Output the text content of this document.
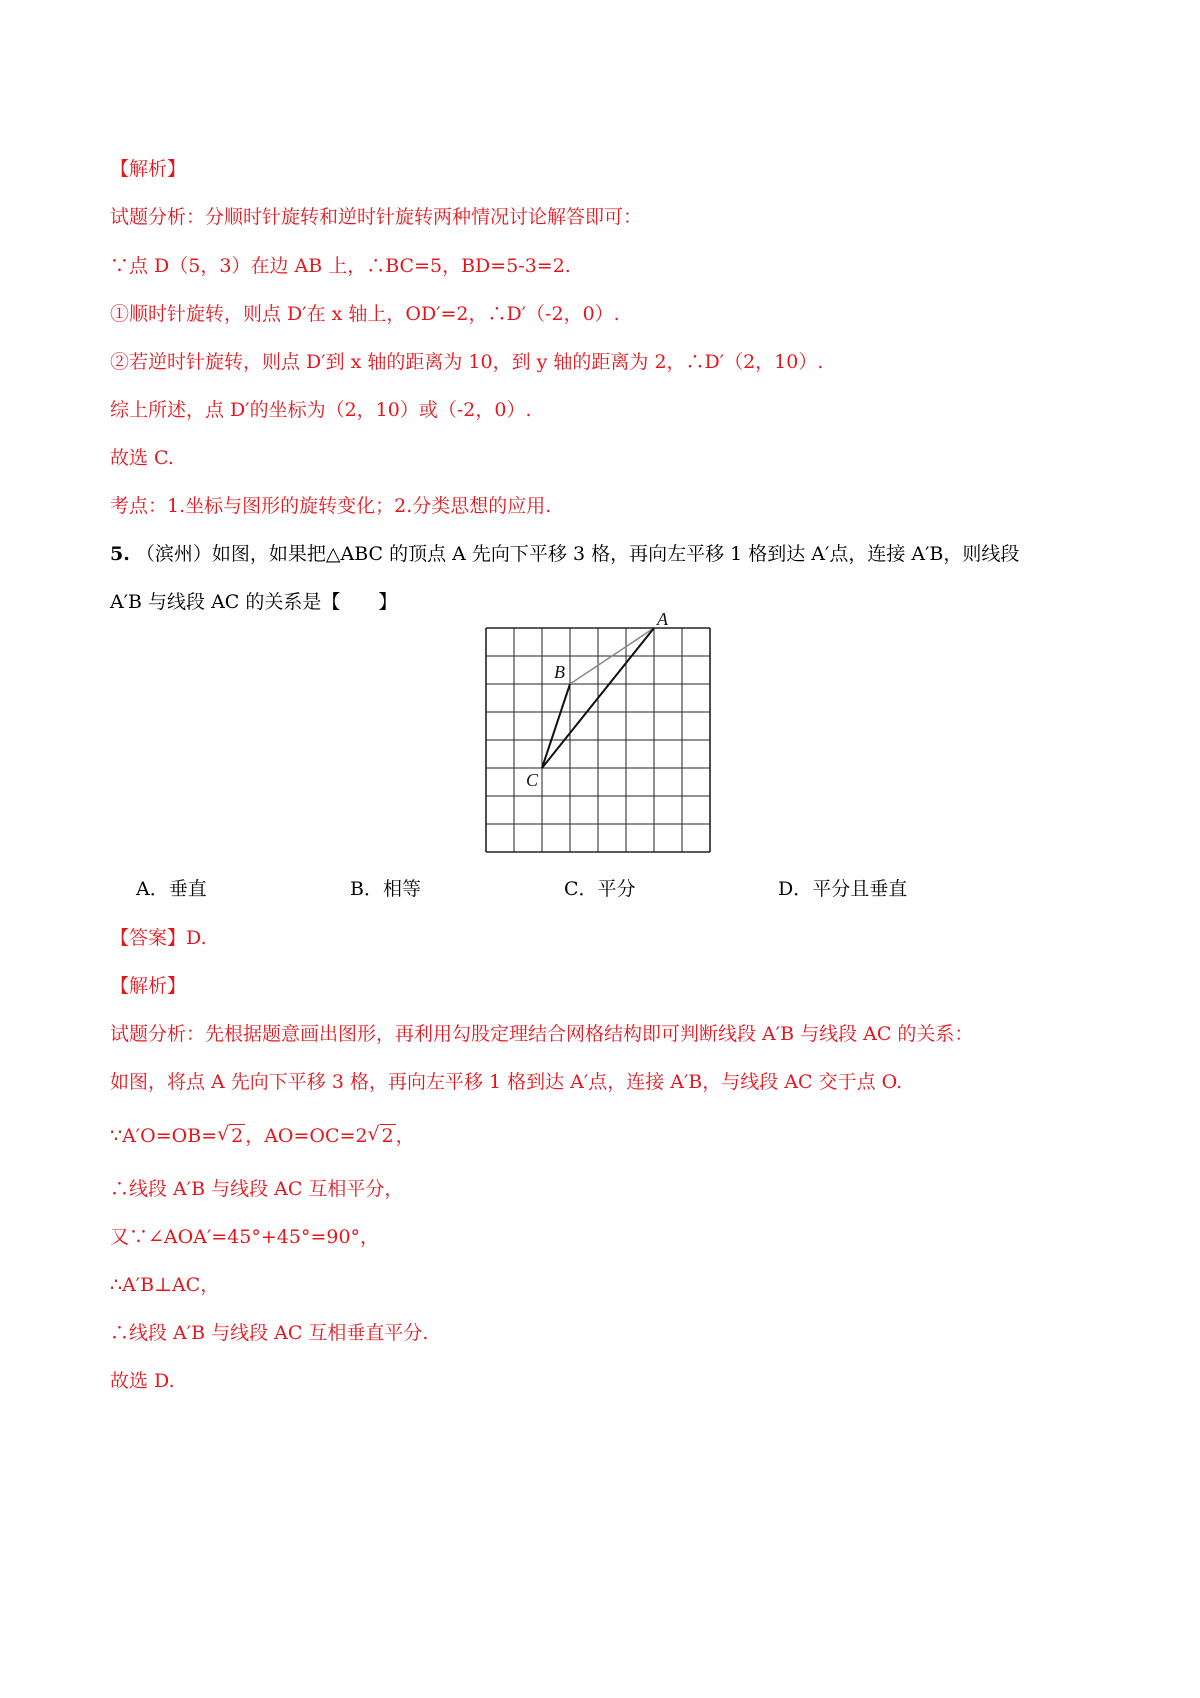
【解析】
试题分析：分顺时针旋转和逆时针旋转两种情况讨论解答即可：
∵点 D（5，3）在边 AB 上，∴BC=5，BD=5-3=2.
①顺时针旋转，则点 D′在 x 轴上，OD′=2，∴D′（-2，0）.
②若逆时针旋转，则点 D′到 x 轴的距离为 10，到 y 轴的距离为 2，∴D′（2，10）.
综上所述，点 D′的坐标为（2，10）或（-2，0）.
故选 C.
考点：1.坐标与图形的旋转变化；2.分类思想的应用.
5. （滨州）如图，如果把△ABC 的顶点 A 先向下平移 3 格，再向左平移 1 格到达 A′点，连接 A′B，则线段
A′B 与线段 AC 的关系是【　　】
A
B
C
A．垂直	B．相等	C．平分	D．平分且垂直
【答案】D.
【解析】
试题分析：先根据题意画出图形，再利用勾股定理结合网格结构即可判断线段 A′B 与线段 AC 的关系：
如图，将点 A 先向下平移 3 格，再向左平移 1 格到达 A′点，连接 A′B，与线段 AC 交于点 O.
∵A′O=OB= √ 2 ，AO=OC=2 √ 2 ，
∴线段 A′B 与线段 AC 互相平分，
又∵∠AOA′=45°+45°=90°，
∴A′B⊥AC，
∴线段 A′B 与线段 AC 互相垂直平分.
故选 D.
